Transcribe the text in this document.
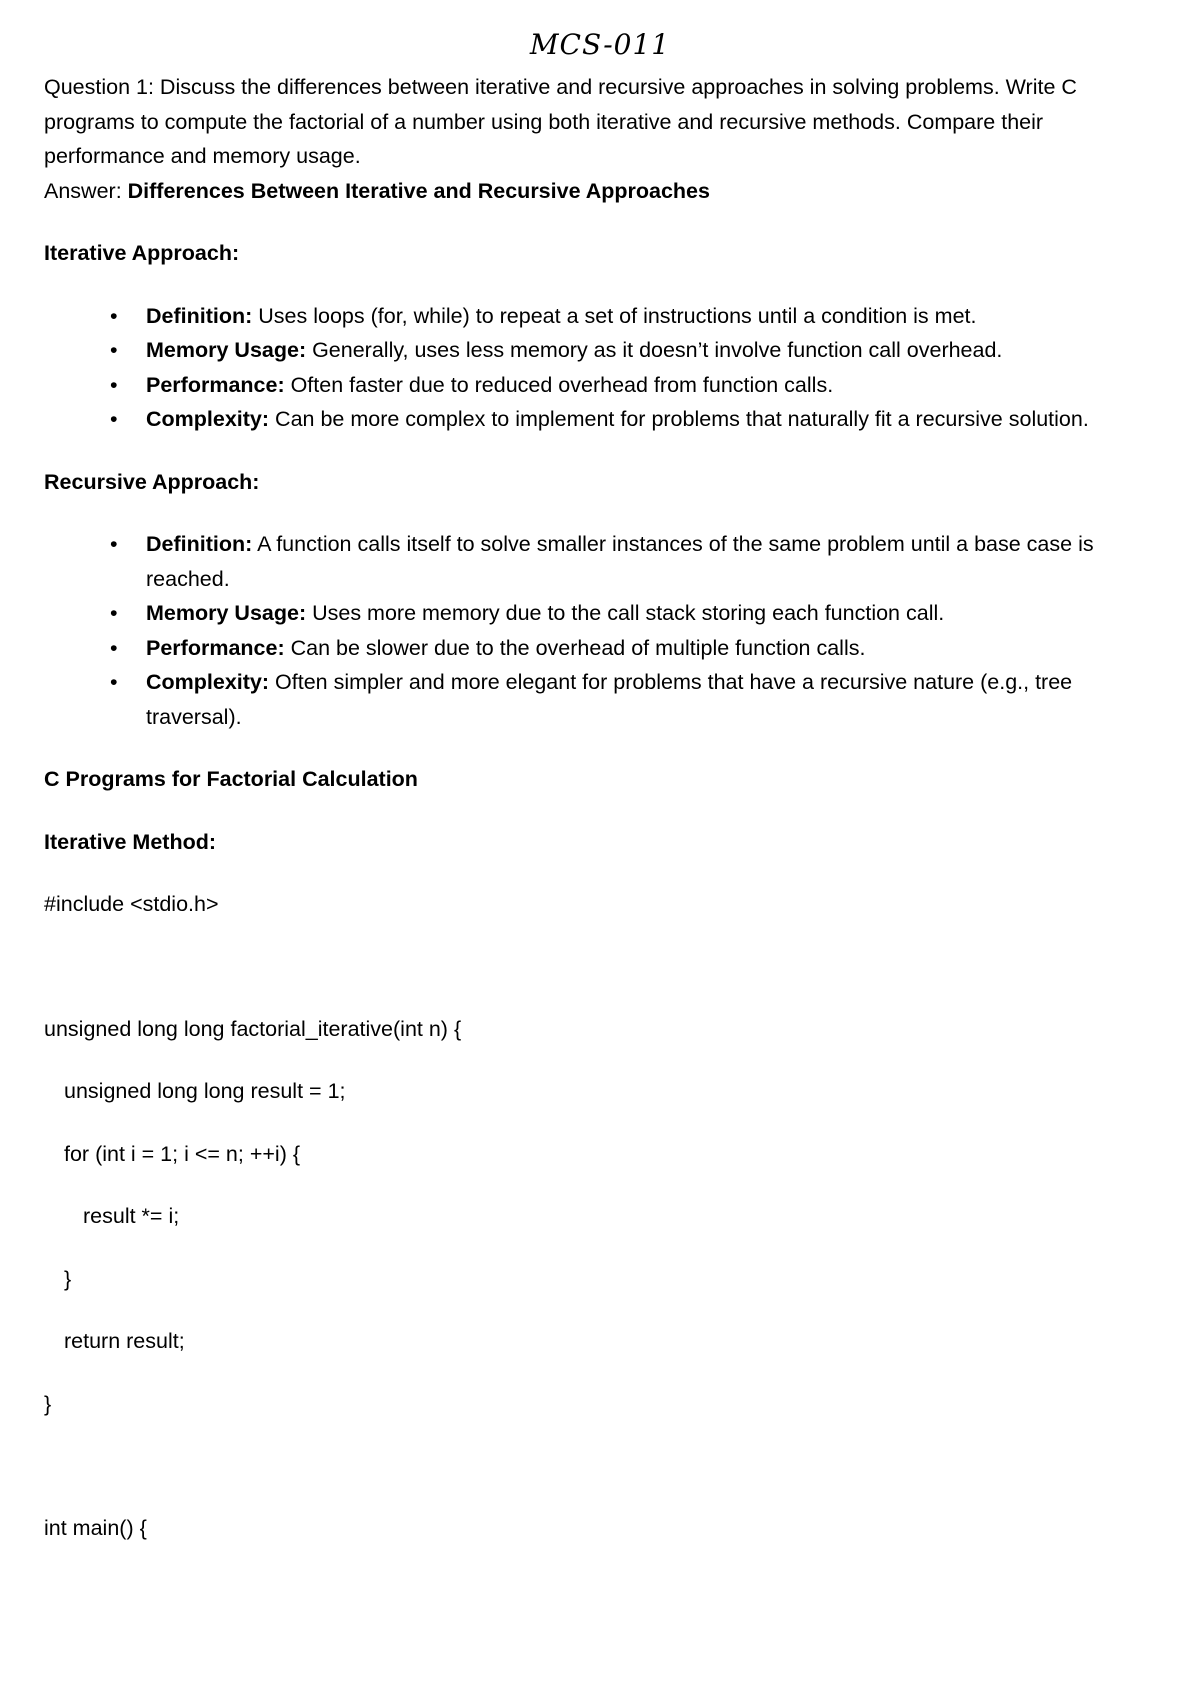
MCS-011

Question 1: Discuss the differences between iterative and recursive approaches in solving problems. Write C programs to compute the factorial of a number using both iterative and recursive methods. Compare their performance and memory usage.

Answer: Differences Between Iterative and Recursive Approaches

Iterative Approach:

• Definition: Uses loops (for, while) to repeat a set of instructions until a condition is met.
• Memory Usage: Generally, uses less memory as it doesn’t involve function call overhead.
• Performance: Often faster due to reduced overhead from function calls.
• Complexity: Can be more complex to implement for problems that naturally fit a recursive solution.

Recursive Approach:

• Definition: A function calls itself to solve smaller instances of the same problem until a base case is reached.
• Memory Usage: Uses more memory due to the call stack storing each function call.
• Performance: Can be slower due to the overhead of multiple function calls.
• Complexity: Often simpler and more elegant for problems that have a recursive nature (e.g., tree traversal).

C Programs for Factorial Calculation

Iterative Method:

#include <stdio.h>

unsigned long long factorial_iterative(int n) {

unsigned long long result = 1;

for (int i = 1; i <= n; ++i) {

result *= i;

}

return result;

}

int main() {
